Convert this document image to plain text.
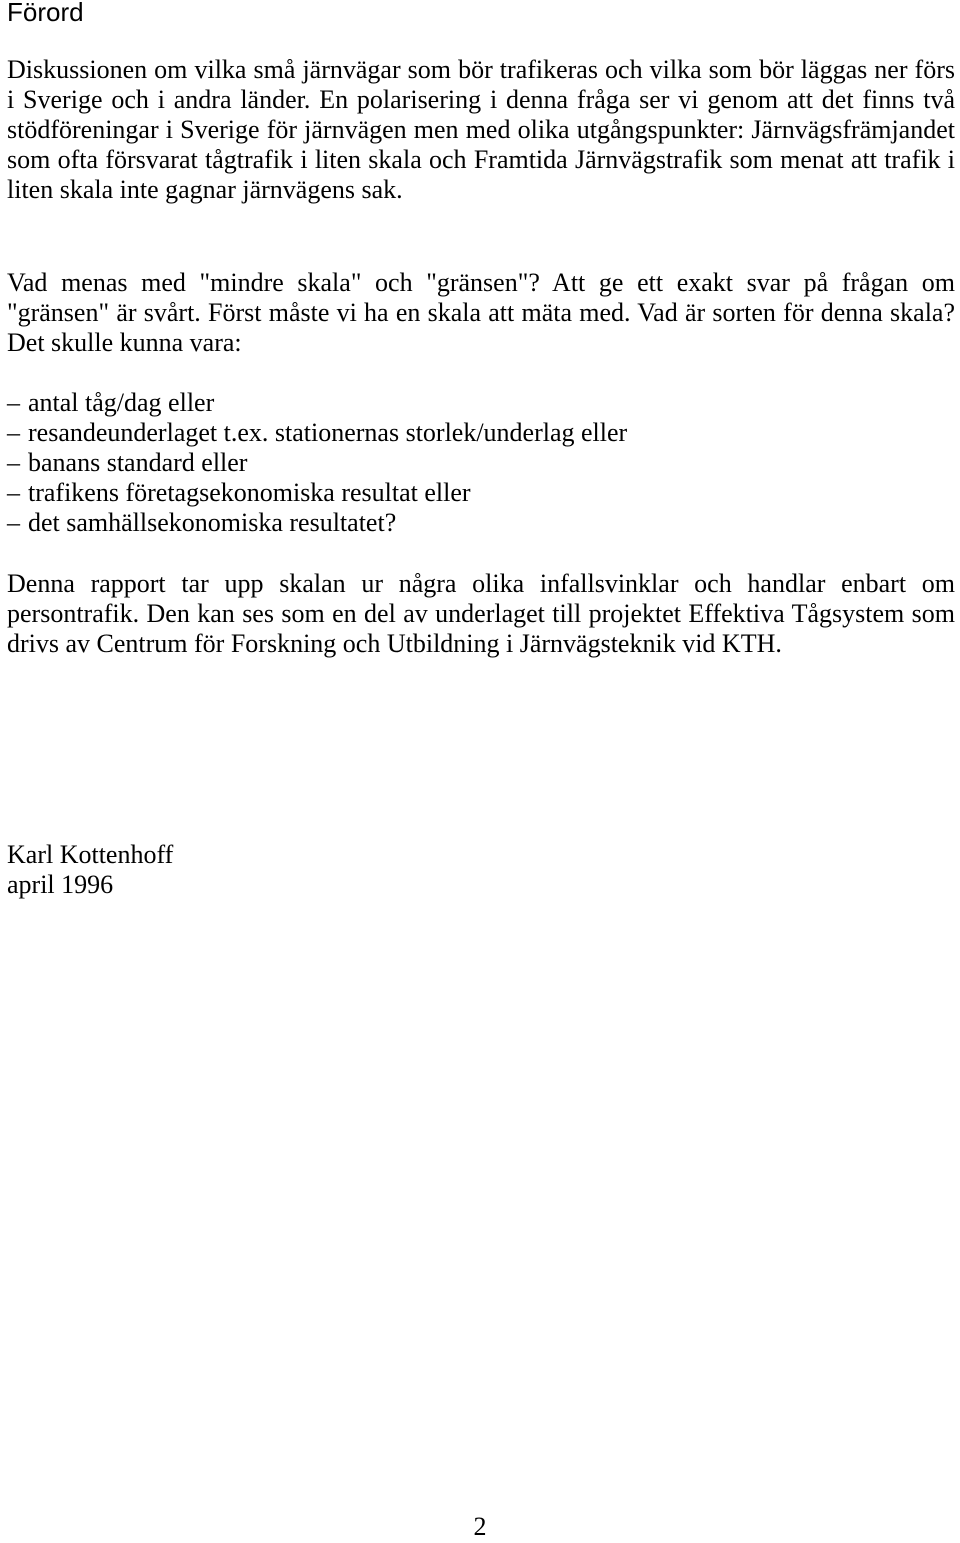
Förord

Diskussionen om vilka små järnvägar som bör trafikeras och vilka som bör läggas ner förs i Sverige och i andra länder. En polarisering i denna fråga ser vi genom att det finns två stödföreningar i Sverige för järnvägen men med olika utgångspunkter: Järnvägsfrämjandet som ofta försvarat tågtrafik i liten skala och Framtida Järnvägstrafik som menat att trafik i liten skala inte gagnar järnvägens sak.

Vad menas med "mindre skala" och "gränsen"? Att ge ett exakt svar på frågan om "gränsen" är svårt. Först måste vi ha en skala att mäta med. Vad är sorten för denna skala? Det skulle kunna vara:

– antal tåg/dag eller
– resandeunderlaget t.ex. stationernas storlek/underlag eller
– banans standard eller
– trafikens företagsekonomiska resultat eller
– det samhällsekonomiska resultatet?

Denna rapport tar upp skalan ur några olika infallsvinklar och handlar enbart om persontrafik. Den kan ses som en del av underlaget till projektet Effektiva Tågsystem som drivs av Centrum för Forskning och Utbildning i Järnvägsteknik vid KTH.

Karl Kottenhoff
april 1996
2
